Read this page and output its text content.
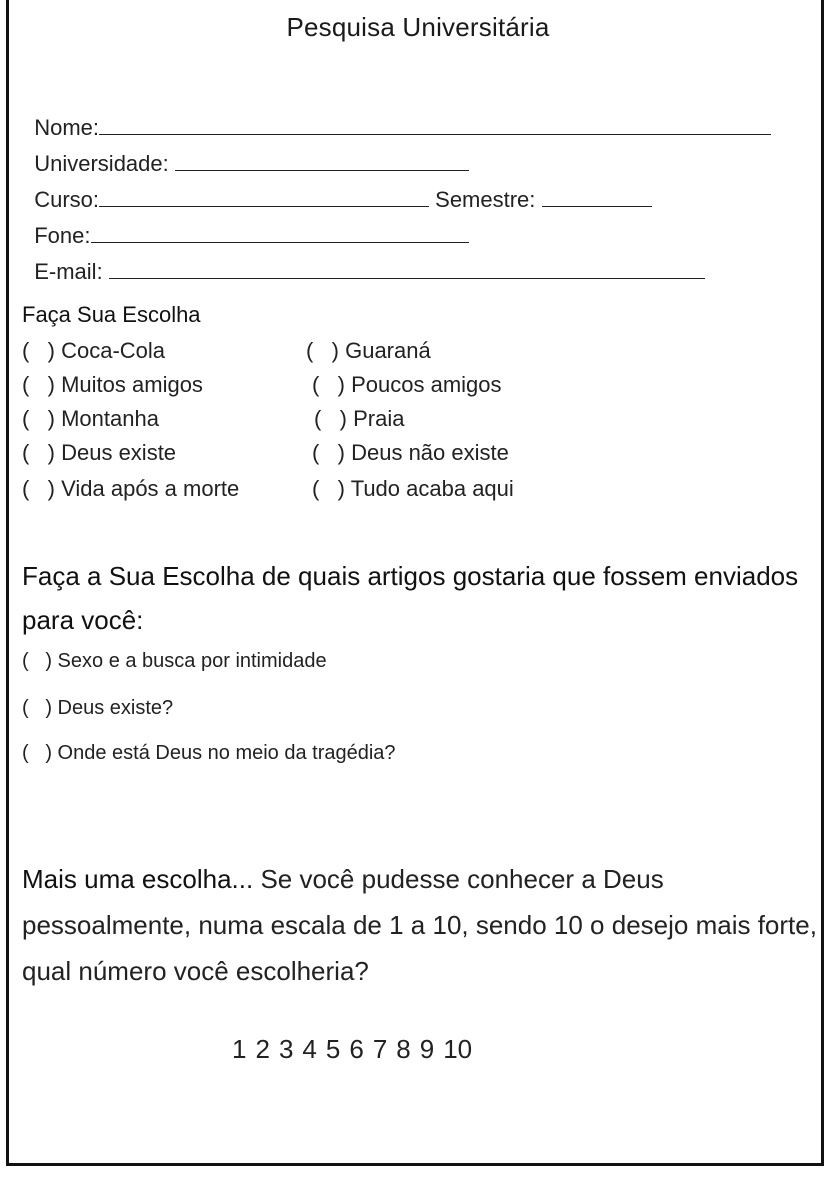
Pesquisa Universitária

Nome:

Universidade:

Curso:	Semestre:

Fone:

E-mail:

Faça Sua Escolha
(   ) Coca-Cola	(   ) Guaraná
(   ) Muitos amigos	(   ) Poucos amigos
(   ) Montanha	(   ) Praia
(   ) Deus existe	(   ) Deus não existe
(   ) Vida após a morte	(   ) Tudo acaba aqui
Faça a Sua Escolha de quais artigos gostaria que fossem enviados para você:
(   ) Sexo e a busca por intimidade
(   ) Deus existe?
(   ) Onde está Deus no meio da tragédia?
Mais uma escolha... Se você pudesse conhecer a Deus pessoalmente, numa escala de 1 a 10, sendo 10 o desejo mais forte, qual número você escolheria?
1 2 3 4 5 6 7 8 9 10
